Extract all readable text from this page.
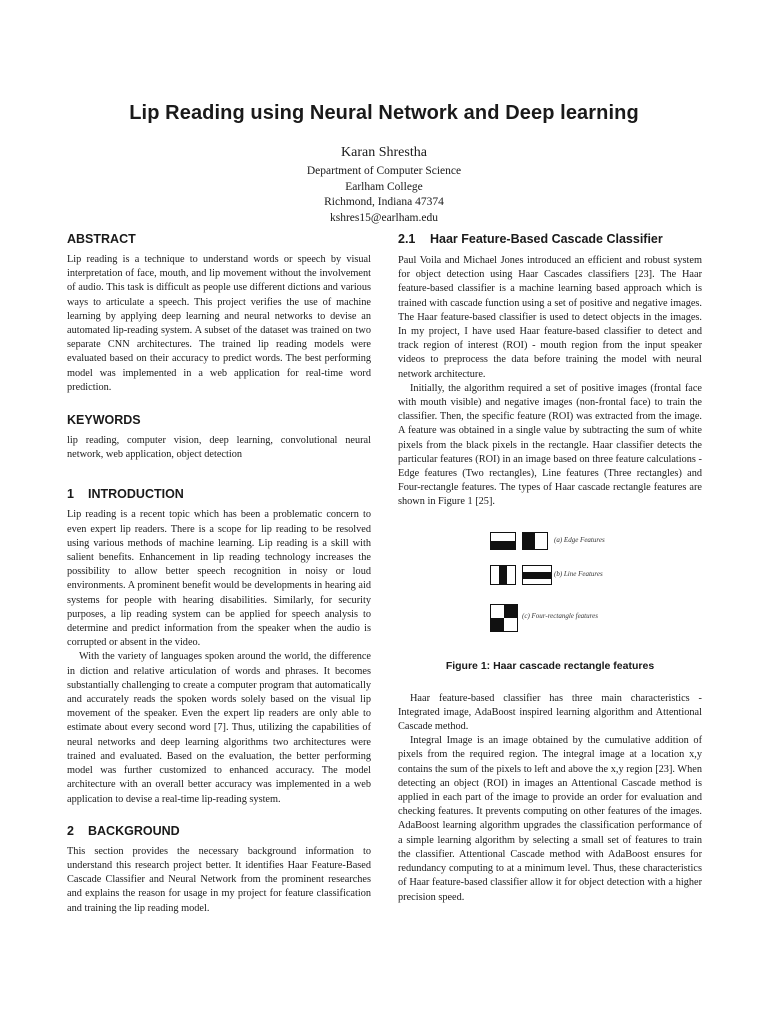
Lip Reading using Neural Network and Deep learning
Karan Shrestha
Department of Computer Science
Earlham College
Richmond, Indiana 47374
kshres15@earlham.edu
ABSTRACT

Lip reading is a technique to understand words or speech by visual interpretation of face, mouth, and lip movement without the involvement of audio. This task is difficult as people use different dictions and various ways to articulate a speech. This project verifies the use of machine learning by applying deep learning and neural networks to devise an automated lip-reading system. A subset of the dataset was trained on two separate CNN architectures. The trained lip reading models were evaluated based on their accuracy to predict words. The best performing model was implemented in a web application for real-time word prediction.

KEYWORDS

lip reading, computer vision, deep learning, convolutional neural network, web application, object detection

1 INTRODUCTION

Lip reading is a recent topic which has been a problematic concern to even expert lip readers. There is a scope for lip reading to be resolved using various methods of machine learning. Lip reading is a skill with salient benefits. Enhancement in lip reading technology increases the possibility to allow better speech recognition in noisy or loud environments. A prominent benefit would be developments in hearing aid systems for people with hearing disabilities. Similarly, for security purposes, a lip reading system can be applied for speech analysis to determine and predict information from the speaker when the audio is corrupted or absent in the video.

With the variety of languages spoken around the world, the difference in diction and relative articulation of words and phrases. It becomes substantially challenging to create a computer program that automatically and accurately reads the spoken words solely based on the visual lip movement of the speaker. Even the expert lip readers are only able to estimate about every second word [7]. Thus, utilizing the capabilities of neural networks and deep learning algorithms two architectures were trained and evaluated. Based on the evaluation, the better performing model was further customized to enhanced accuracy. The model architecture with an overall better accuracy was implemented in a web application to devise a real-time lip-reading system.

2 BACKGROUND

This section provides the necessary background information to understand this research project better. It identifies Haar Feature-Based Cascade Classifier and Neural Network from the prominent researches and explains the reason for usage in my project for feature classification and training the lip reading model.

2.1 Haar Feature-Based Cascade Classifier

Paul Voila and Michael Jones introduced an efficient and robust system for object detection using Haar Cascades classifiers [23]. The Haar feature-based classifier is a machine learning based approach which is trained with cascade function using a set of positive and negative images. The Haar feature-based classifier is used to detect objects in the images. In my project, I have used Haar feature-based classifier to detect and track region of interest (ROI) - mouth region from the input speaker videos to preprocess the data before training the model with neural network architecture.

Initially, the algorithm required a set of positive images (frontal face with mouth visible) and negative images (non-frontal face) to train the classifier. Then, the specific feature (ROI) was extracted from the image. A feature was obtained in a single value by subtracting the sum of white pixels from the black pixels in the rectangle. Haar classifier detects the particular features (ROI) in an image based on three feature calculations - Edge features (Two rectangles), Line features (Three rectangles) and Four-rectangle features. The types of Haar cascade rectangle features are shown in Figure 1 [25].

(a) Edge Features
(b) Line Features
(c) Four-rectangle features
Figure 1: Haar cascade rectangle features

Haar feature-based classifier has three main characteristics - Integrated image, AdaBoost inspired learning algorithm and Attentional Cascade method.

Integral Image is an image obtained by the cumulative addition of pixels from the required region. The integral image at a location x,y contains the sum of the pixels to left and above the x,y region [23]. When detecting an object (ROI) in images an Attentional Cascade method is applied in each part of the image to provide an order for evaluation and checking features. It prevents computing on other features of the images. AdaBoost learning algorithm upgrades the classification performance of a simple learning algorithm by selecting a small set of features to train the classifier. Attentional Cascade method with AdaBoost ensures for redundancy computing to at a minimum level. Thus, these characteristics of Haar feature-based classifier allow it for object detection with a higher precision speed.
